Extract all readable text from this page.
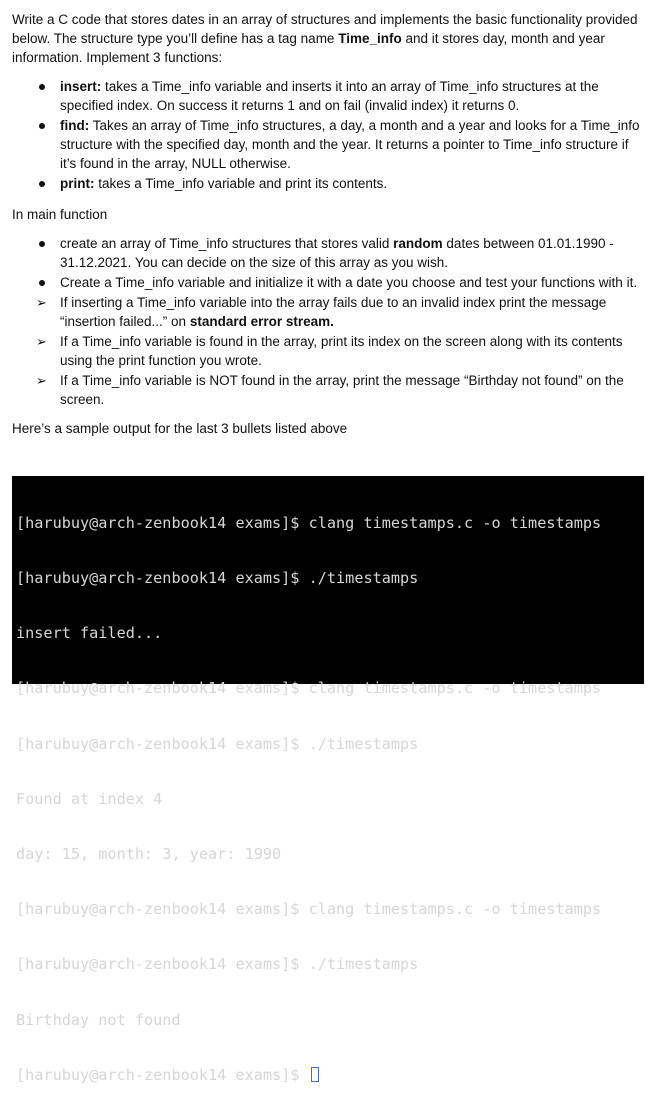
Write a C code that stores dates in an array of structures and implements the basic functionality provided below. The structure type you’ll define has a tag name Time_info and it stores day, month and year information. Implement 3 functions:

insert: takes a Time_info variable and inserts it into an array of Time_info structures at the specified index. On success it returns 1 and on fail (invalid index) it returns 0.
find: Takes an array of Time_info structures, a day, a month and a year and looks for a Time_info structure with the specified day, month and the year. It returns a pointer to Time_info structure if it’s found in the array, NULL otherwise.
print: takes a Time_info variable and print its contents.

In main function

create an array of Time_info structures that stores valid random dates between 01.01.1990 - 31.12.2021. You can decide on the size of this array as you wish.
Create a Time_info variable and initialize it with a date you choose and test your functions with it.
➢ If inserting a Time_info variable into the array fails due to an invalid index print the message “insertion failed...” on standard error stream.
➢ If a Time_info variable is found in the array, print its index on the screen along with its contents using the print function you wrote.
➢ If a Time_info variable is NOT found in the array, print the message “Birthday not found” on the screen.

Here’s a sample output for the last 3 bullets listed above

[harubuy@arch-zenbook14 exams]$ clang timestamps.c -o timestamps

[harubuy@arch-zenbook14 exams]$ ./timestamps

insert failed...

[harubuy@arch-zenbook14 exams]$ clang timestamps.c -o timestamps

[harubuy@arch-zenbook14 exams]$ ./timestamps

Found at index 4

day: 15, month: 3, year: 1990

[harubuy@arch-zenbook14 exams]$ clang timestamps.c -o timestamps

[harubuy@arch-zenbook14 exams]$ ./timestamps

Birthday not found

[harubuy@arch-zenbook14 exams]$
